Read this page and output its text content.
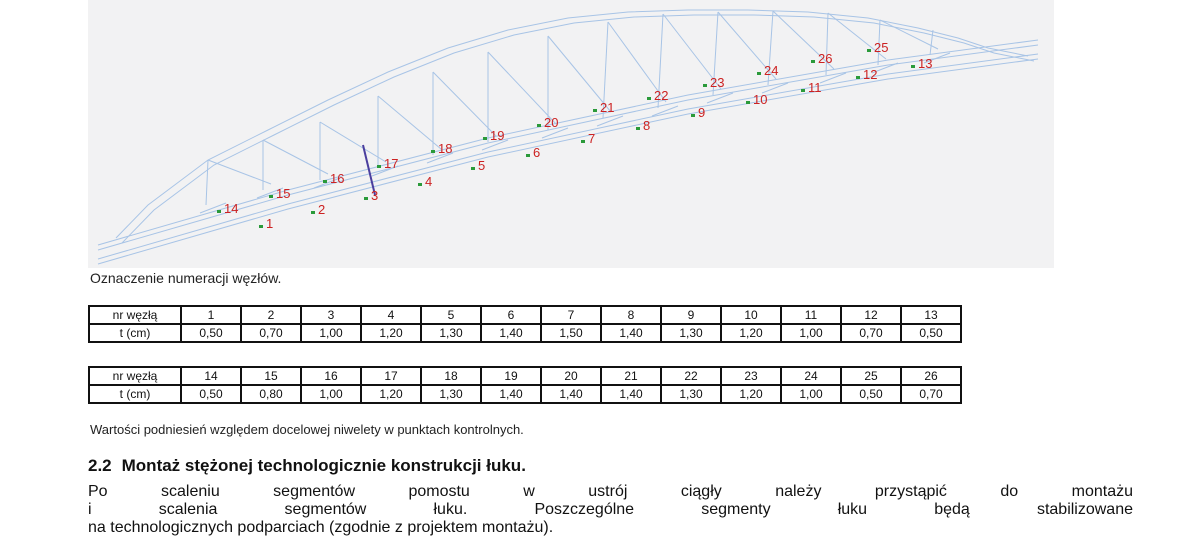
1
2
3
4
5
6
7
8
9
10
11
12
13
14
15
16
17
18
19
20
21
22
23
24
25
26
Oznaczenie numeracji węzłów.
nr węzłą	1	2	3	4	5	6	7	8	9	10	11	12	13
t (cm)	0,50	0,70	1,00	1,20	1,30	1,40	1,50	1,40	1,30	1,20	1,00	0,70	0,50
nr węzłą	14	15	16	17	18	19	20	21	22	23	24	25	26
t (cm)	0,50	0,80	1,00	1,20	1,30	1,40	1,40	1,40	1,30	1,20	1,00	0,50	0,70
Wartości podniesień względem docelowej niwelety w punktach kontrolnych.
2.2 Montaż stężonej technologicznie konstrukcji łuku.
Po scaleniu segmentów pomostu w ustrój ciągły należy przystąpić do montażu
i scalenia segmentów łuku. Poszczególne segmenty łuku będą stabilizowane
na technologicznych podparciach (zgodnie z projektem montażu).
